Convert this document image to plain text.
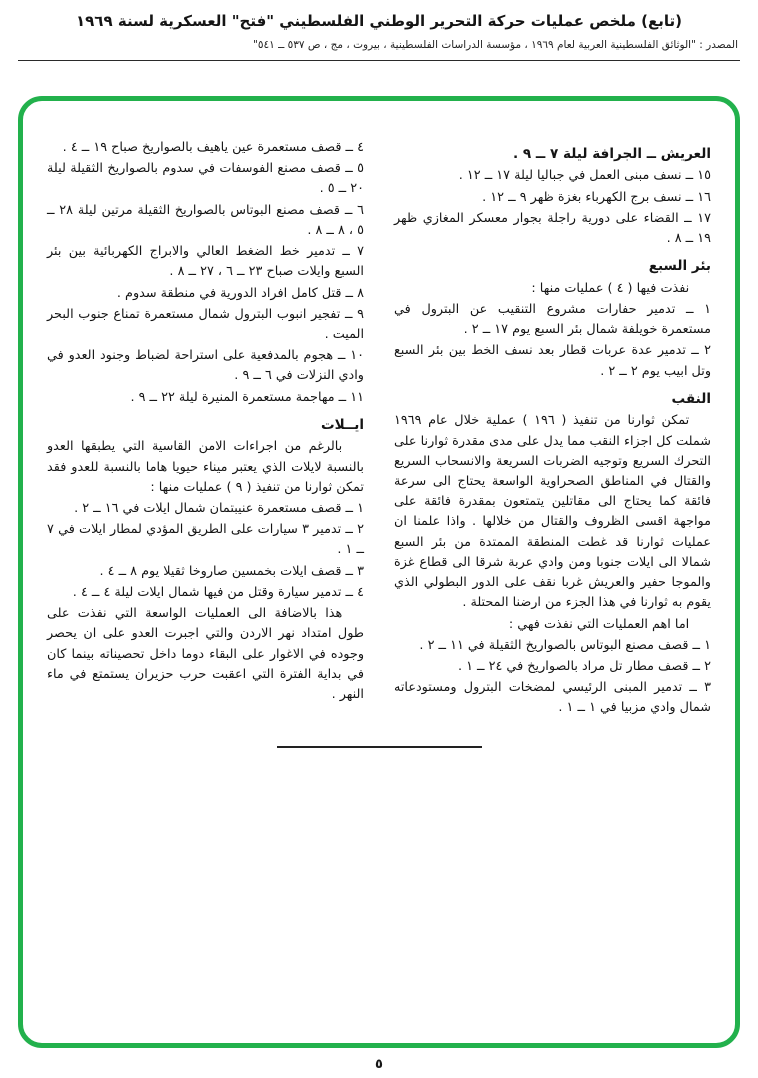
(تابع) ملخص عمليات حركة التحرير الوطني الفلسطيني "فتح" العسكرية لسنة ١٩٦٩
المصدر : "الوثائق الفلسطينية العربية لعام ١٩٦٩ ، مؤسسة الدراسات الفلسطينية ، بيروت ، مج ، ص ٥٣٧ ــ ٥٤١"
العريش ــ الجرافة ليلة ٧ ــ ٩ .
١٥ ــ نسف مبنى العمل في جباليا ليلة ١٧ ــ ١٢ .
١٦ ــ نسف برج الكهرباء بغزة ظهر ٩ ــ ١٢ .
١٧ ــ القضاء على دورية راجلة بجوار معسكر المغازي ظهر ١٩ ــ ٨ .
بئر السبع
نفذت فيها ( ٤ ) عمليات منها :
١ ــ تدمير حفارات مشروع التنقيب عن البترول في مستعمرة خويلفة شمال بئر السبع يوم ١٧ ــ ٢ .
٢ ــ تدمير عدة عربات قطار بعد نسف الخط بين بئر السبع وتل ابيب يوم ٢ ــ ٢ .
النقب
تمكن ثوارنا من تنفيذ ( ١٩٦ ) عملية خلال عام ١٩٦٩ شملت كل اجزاء النقب مما يدل على مدى مقدرة ثوارنا على التحرك السريع وتوجيه الضربات السريعة والانسحاب السريع والقتال في المناطق الصحراوية الواسعة يحتاج الى سرعة فائقة كما يحتاج الى مقاتلين يتمتعون بمقدرة فائقة على مواجهة اقسى الظروف والقتال من خلالها . واذا علمنا ان عمليات ثوارنا قد غطت المنطقة الممتدة من بئر السبع شمالا الى ايلات جنوبا ومن وادي عربة شرقا الى قطاع غزة والموجا حفير والعريش غربا نقف على الدور البطولي الذي يقوم به ثوارنا في هذا الجزء من ارضنا المحتلة .
اما اهم العمليات التي نفذت فهي :
١ ــ قصف مصنع البوتاس بالصواريخ الثقيلة في ١١ ــ ٢ .
٢ ــ قصف مطار تل مراد بالصواريخ في ٢٤ ــ ١ .
٣ ــ تدمير المبنى الرئيسي لمضخات البترول ومستودعاته شمال وادي مزبيا في ١ ــ ١ .
٤ ــ قصف مستعمرة عين ياهيف بالصواريخ صباح ١٩ ــ ٤ .
٥ ــ قصف مصنع الفوسفات في سدوم بالصواريخ الثقيلة ليلة ٢٠ ــ ٥ .
٦ ــ قصف مصنع البوتاس بالصواريخ الثقيلة مرتين ليلة ٢٨ ــ ٥ ، ٨ ــ ٨ .
٧ ــ تدمير خط الضغط العالي والابراج الكهربائية بين بئر السبع وايلات صباح ٢٣ ــ ٦ ، ٢٧ ــ ٨ .
٨ ــ قتل كامل افراد الدورية في منطقة سدوم .
٩ ــ تفجير انبوب البترول شمال مستعمرة تمناع جنوب البحر الميت .
١٠ ــ هجوم بالمدفعية على استراحة لضباط وجنود العدو في وادي النزلات في ٦ ــ ٩ .
١١ ــ مهاجمة مستعمرة المنيرة ليلة ٢٢ ــ ٩ .
ايــلات
بالرغم من اجراءات الامن القاسية التي يطبقها العدو بالنسبة لايلات الذي يعتبر ميناء حيويا هاما بالنسبة للعدو فقد تمكن ثوارنا من تنفيذ ( ٩ ) عمليات منها :
١ ــ قصف مستعمرة عنيبتمان شمال ايلات في ١٦ ــ ٢ .
٢ ــ تدمير ٣ سيارات على الطريق المؤدي لمطار ايلات في ٧ ــ ١ .
٣ ــ قصف ايلات بخمسين صاروخا ثقيلا يوم ٨ ــ ٤ .
٤ ــ تدمير سيارة وقتل من فيها شمال ايلات ليلة ٤ ــ ٤ .
هذا بالاضافة الى العمليات الواسعة التي نفذت على طول امتداد نهر الاردن والتي اجبرت العدو على ان يحصر وجوده في الاغوار على البقاء دوما داخل تحصيناته بينما كان في بداية الفترة التي اعقبت حرب حزيران يستمتع في ماء النهر .
٥
